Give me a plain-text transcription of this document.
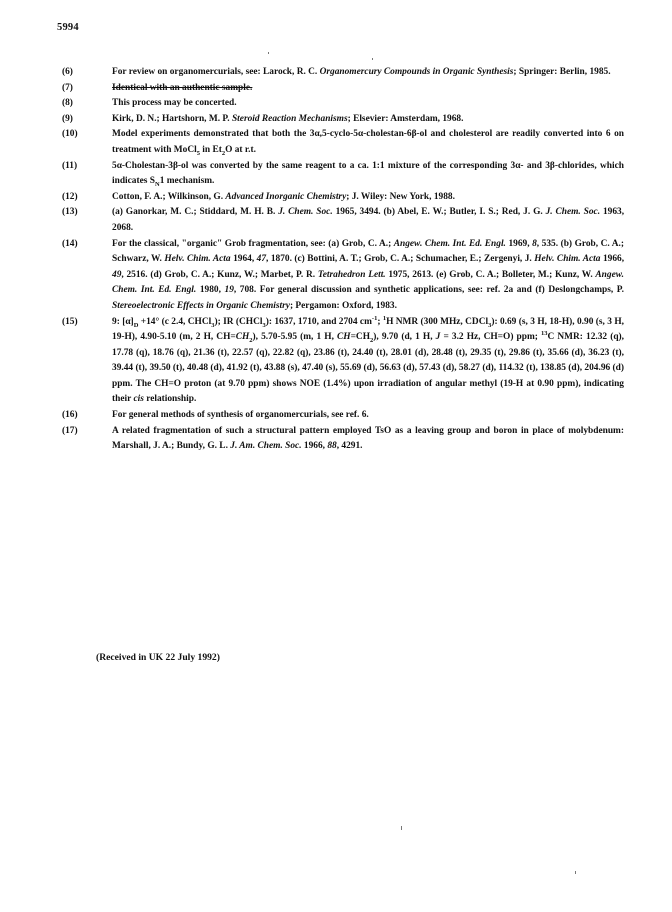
5994
(6)	For review on organomercurials, see: Larock, R. C. Organomercury Compounds in Organic Synthesis; Springer: Berlin, 1985.
(7)	Identical with an authentic sample.
(8)	This process may be concerted.
(9)	Kirk, D. N.; Hartshorn, M. P. Steroid Reaction Mechanisms; Elsevier: Amsterdam, 1968.
(10)	Model experiments demonstrated that both the 3α,5-cyclo-5α-cholestan-6β-ol and cholesterol are readily converted into 6 on treatment with MoCl$_5$ in $Et_2O$ at r.t.
(11)	5α-Cholestan-3β-ol was converted by the same reagent to a ca. 1:1 mixture of the corresponding 3α- and 3β-chlorides, which indicates $S_N1$ mechanism.
(12)	Cotton, F. A.; Wilkinson, G. Advanced Inorganic Chemistry; J. Wiley: New York, 1988.
(13)	(a) Ganorkar, M. C.; Stiddard, M. H. B. J. Chem. Soc. 1965, 3494. (b) Abel, E. W.; Butler, I. S.; Red, J. G. J. Chem. Soc. 1963, 2068.
(14)	For the classical, "organic" Grob fragmentation, see: (a) Grob, C. A.; Angew. Chem. Int. Ed. Engl. 1969, 8, 535. (b) Grob, C. A.; Schwarz, W. Helv. Chim. Acta 1964, 47, 1870. (c) Bottini, A. T.; Grob, C. A.; Schumacher, E.; Zergenyi, J. Helv. Chim. Acta 1966, 49, 2516. (d) Grob, C. A.; Kunz, W.; Marbet, P. R. Tetrahedron Lett. 1975, 2613. (e) Grob, C. A.; Bolleter, M.; Kunz, W. Angew. Chem. Int. Ed. Engl. 1980, 19, 708. For general discussion and synthetic applications, see: ref. 2a and (f) Deslongchamps, P. Stereoelectronic Effects in Organic Chemistry; Pergamon: Oxford, 1983.
(15)	9: $[\alpha]_D +14^\circ$ (c 2.4, CHCl$_3$); IR (CHCl$_3$): 1637, 1710, and 2704 $cm^{-1}$; $^1$H NMR (300 MHz, CDCl$_3$): 0.69 (s, 3 H, 18-H), 0.90 (s, 3 H, 19-H), 4.90-5.10 (m, 2 H, $CH=CH_2$), 5.70-5.95 (m, 1 H, $CH=CH_2$), 9.70 (d, 1 H, J = 3.2 Hz, CH=O) ppm; $^{13}$C NMR: 12.32 (q), 17.78 (q), 18.76 (q), 21.36 (t), 22.57 (q), 22.82 (q), 23.86 (t), 24.40 (t), 28.01 (d), 28.48 (t), 29.35 (t), 29.86 (t), 35.66 (d), 36.23 (t), 39.44 (t), 39.50 (t), 40.48 (d), 41.92 (t), 43.88 (s), 47.40 (s), 55.69 (d), 56.63 (d), 57.43 (d), 58.27 (d), 114.32 (t), 138.85 (d), 204.96 (d) ppm. The CH=O proton (at 9.70 ppm) shows NOE (1.4%) upon irradiation of angular methyl (19-H at 0.90 ppm), indicating their cis relationship.
(16)	For general methods of synthesis of organomercurials, see ref. 6.
(17)	A related fragmentation of such a structural pattern employed TsO as a leaving group and boron in place of molybdenum: Marshall, J. A.; Bundy, G. L. J. Am. Chem. Soc. 1966, 88, 4291.
(Received in UK 22 July 1992)
